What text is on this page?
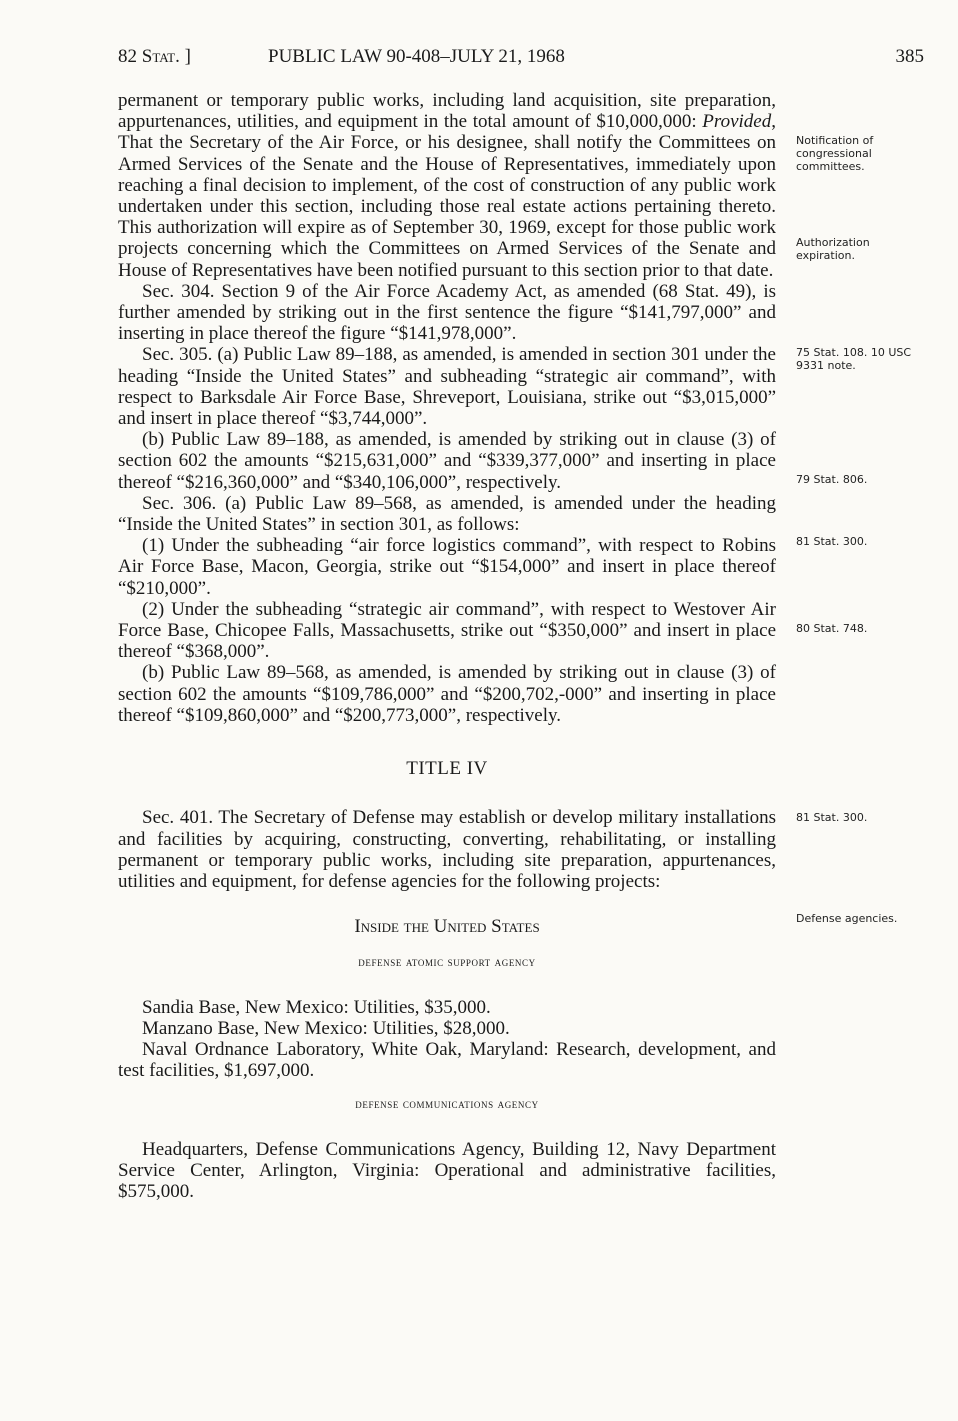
82 Stat. ]	PUBLIC LAW 90-408–JULY 21, 1968	385

permanent or temporary public works, including land acquisition, site preparation, appurtenances, utilities, and equipment in the total amount of $10,000,000: Provided, That the Secretary of the Air Force, or his designee, shall notify the Committees on Armed Services of the Senate and the House of Representatives, immediately upon reaching a final decision to implement, of the cost of construction of any public work undertaken under this section, including those real estate actions pertaining thereto. This authorization will expire as of September 30, 1969, except for those public work projects concerning which the Committees on Armed Services of the Senate and House of Representatives have been notified pursuant to this section prior to that date.

Sec. 304. Section 9 of the Air Force Academy Act, as amended (68 Stat. 49), is further amended by striking out in the first sentence the figure “$141,797,000” and inserting in place thereof the figure “$141,978,000”.

Sec. 305. (a) Public Law 89–188, as amended, is amended in section 301 under the heading “Inside the United States” and subheading “strategic air command”, with respect to Barksdale Air Force Base, Shreveport, Louisiana, strike out “$3,015,000” and insert in place thereof “$3,744,000”.

(b) Public Law 89–188, as amended, is amended by striking out in clause (3) of section 602 the amounts “$215,631,000” and “$339,377,000” and inserting in place thereof “$216,360,000” and “$340,106,000”, respectively.

Sec. 306. (a) Public Law 89–568, as amended, is amended under the heading “Inside the United States” in section 301, as follows:

(1) Under the subheading “air force logistics command”, with respect to Robins Air Force Base, Macon, Georgia, strike out “$154,000” and insert in place thereof “$210,000”.

(2) Under the subheading “strategic air command”, with respect to Westover Air Force Base, Chicopee Falls, Massachusetts, strike out “$350,000” and insert in place thereof “$368,000”.

(b) Public Law 89–568, as amended, is amended by striking out in clause (3) of section 602 the amounts “$109,786,000” and “$200,702,-000” and inserting in place thereof “$109,860,000” and “$200,773,000”, respectively.

TITLE IV

Sec. 401. The Secretary of Defense may establish or develop military installations and facilities by acquiring, constructing, converting, rehabilitating, or installing permanent or temporary public works, including site preparation, appurtenances, utilities and equipment, for defense agencies for the following projects:

Inside the United States
defense atomic support agency

Sandia Base, New Mexico: Utilities, $35,000.

Manzano Base, New Mexico: Utilities, $28,000.

Naval Ordnance Laboratory, White Oak, Maryland: Research, development, and test facilities, $1,697,000.

defense communications agency

Headquarters, Defense Communications Agency, Building 12, Navy Department Service Center, Arlington, Virginia: Operational and administrative facilities, $575,000.

Notification of congressional committees.
Authorization expiration.
75 Stat. 108. 10 USC 9331 note.
79 Stat. 806.
81 Stat. 300.
80 Stat. 748.
81 Stat. 300.
Defense agencies.
